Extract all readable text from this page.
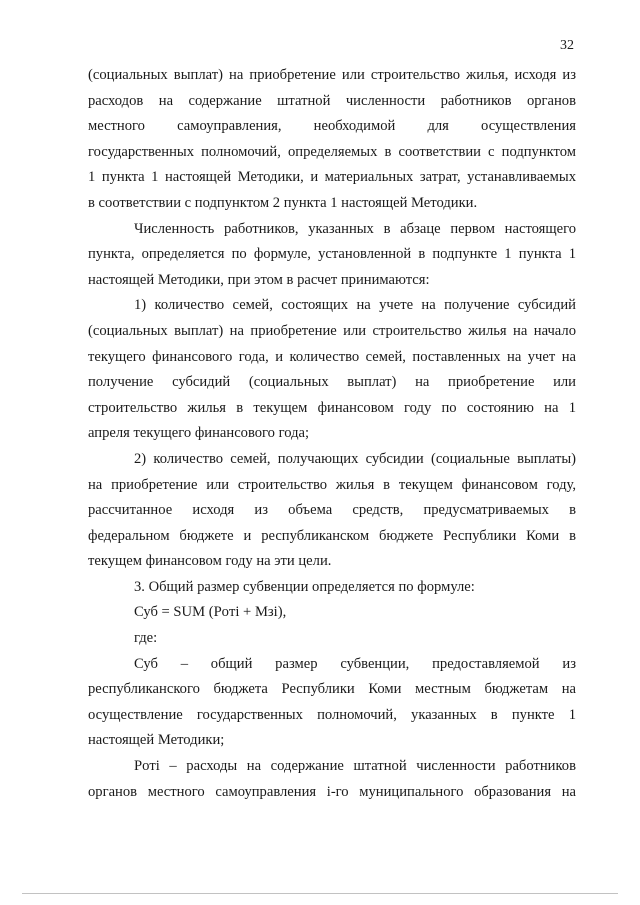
32
(социальных выплат) на приобретение или строительство жилья, исходя из
расходов на содержание штатной численности работников органов
местного самоуправления, необходимой для осуществления
государственных полномочий, определяемых в соответствии с подпунктом
1 пункта 1 настоящей Методики, и материальных затрат, устанавливаемых
в соответствии с подпунктом 2 пункта 1 настоящей Методики.
Численность работников, указанных в абзаце первом настоящего
пункта, определяется по формуле, установленной в подпункте 1 пункта 1
настоящей Методики, при этом в расчет принимаются:
1) количество семей, состоящих на учете на получение субсидий
(социальных выплат) на приобретение или строительство жилья на начало
текущего финансового года, и количество семей, поставленных на учет на
получение субсидий (социальных выплат) на приобретение или
строительство жилья в текущем финансовом году по состоянию на 1
апреля текущего финансового года;
2) количество семей, получающих субсидии (социальные выплаты)
на приобретение или строительство жилья в текущем финансовом году,
рассчитанное исходя из объема средств, предусматриваемых в
федеральном бюджете и республиканском бюджете Республики Коми в
текущем финансовом году на эти цели.
3. Общий размер субвенции определяется по формуле:
Суб = SUM (Рoтi + Mзi),
где:
Суб – общий размер субвенции, предоставляемой из
республиканского бюджета Республики Коми местным бюджетам на
осуществление государственных полномочий, указанных в пункте 1
настоящей Методики;
Рoтi – расходы на содержание штатной численности работников
органов местного самоуправления i-го муниципального образования на
